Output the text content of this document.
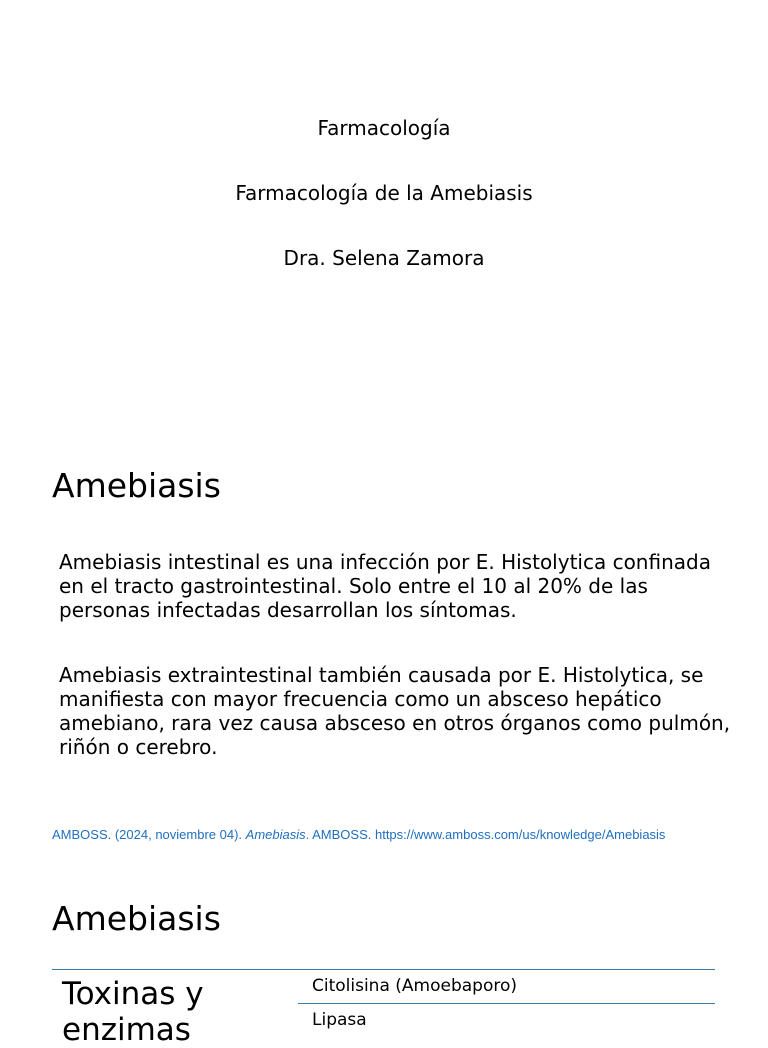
Farmacología
Farmacología de la Amebiasis
Dra. Selena Zamora
Amebiasis

Amebiasis intestinal es una infección por E. Histolytica confinada en el tracto gastrointestinal. Solo entre el 10 al 20% de las personas infectadas desarrollan los síntomas.

Amebiasis extraintestinal también causada por E. Histolytica, se manifiesta con mayor frecuencia como un absceso hepático amebiano, rara vez causa absceso en otros órganos como pulmón, riñón o cerebro.

AMBOSS. (2024, noviembre 04). Amebiasis. AMBOSS. https://www.amboss.com/us/knowledge/Amebiasis
Amebiasis
Toxinas y enzimas
Citolisina (Amoebaporo)
Lipasa
